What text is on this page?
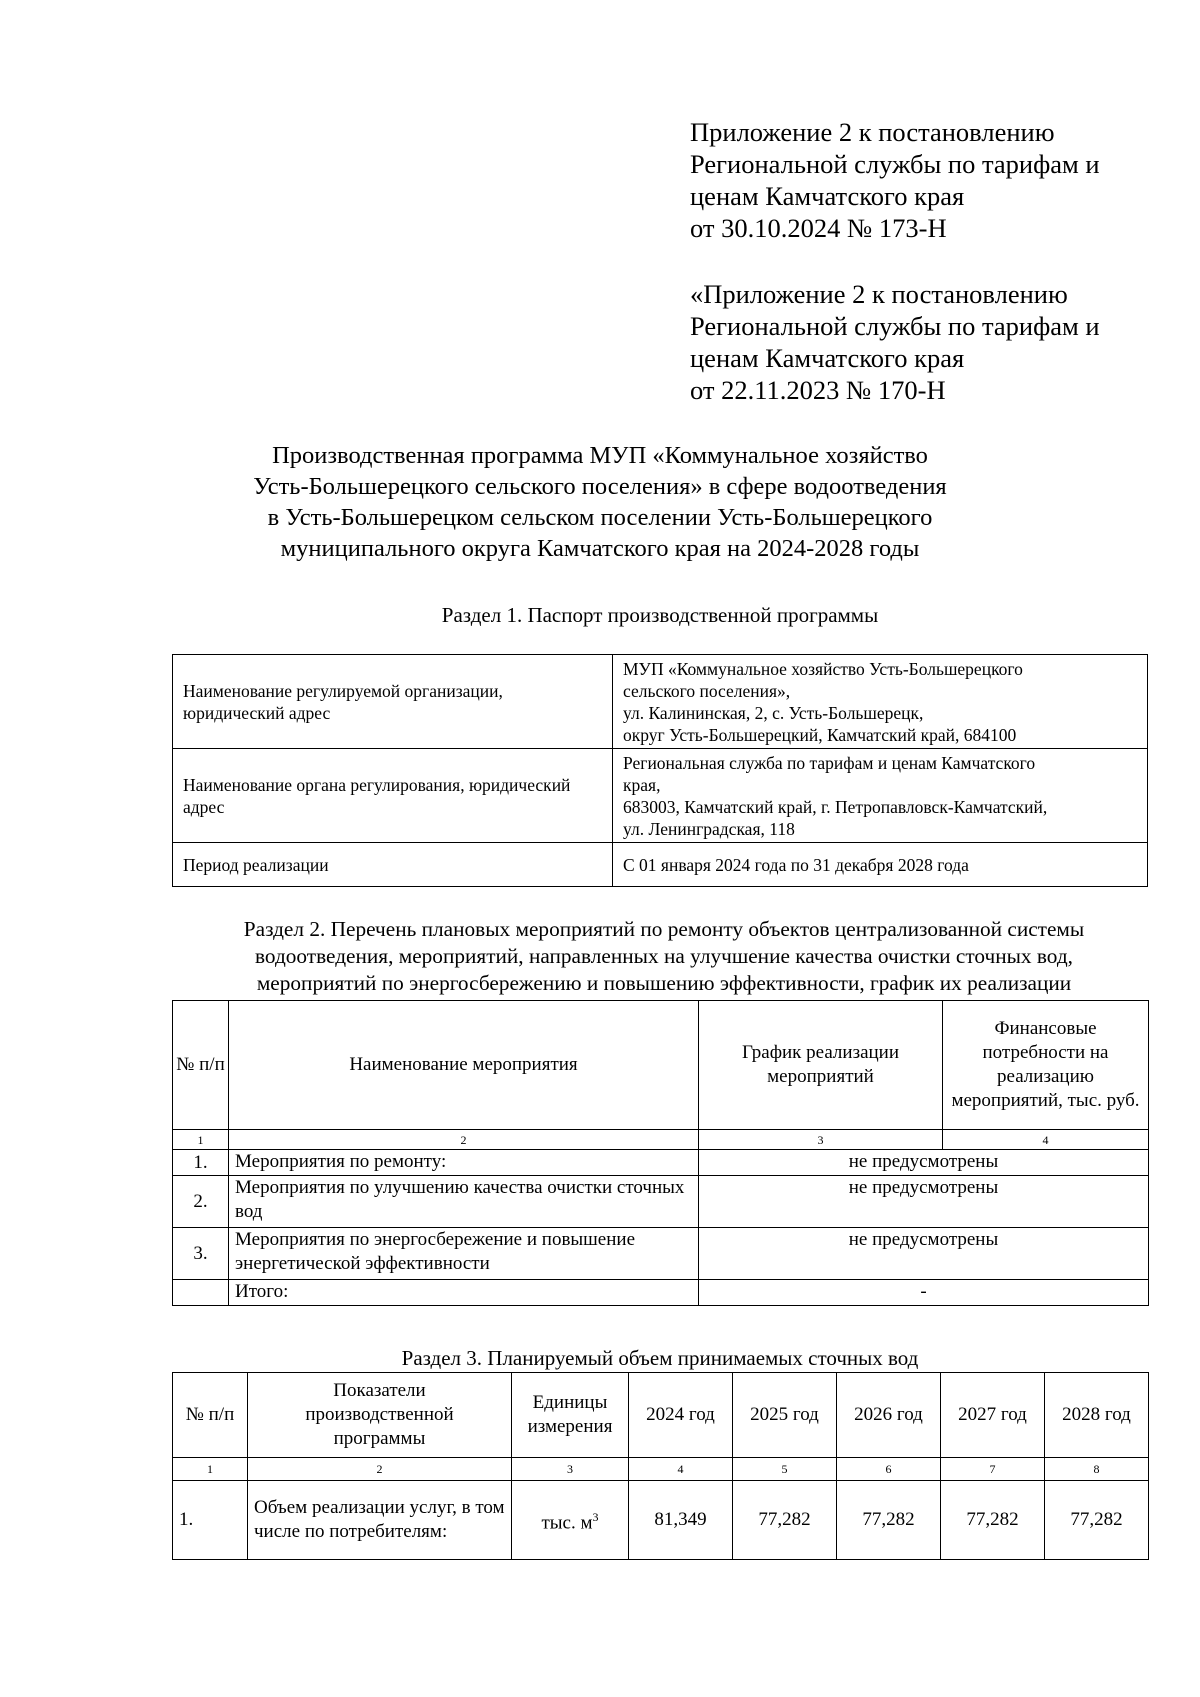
Приложение 2 к постановлению
Региональной службы по тарифам и
ценам Камчатского края
от 30.10.2024 № 173-Н
«Приложение 2 к постановлению
Региональной службы по тарифам и
ценам Камчатского края
от 22.11.2023 № 170-Н
Производственная программа МУП «Коммунальное хозяйство
Усть-Большерецкого сельского поселения» в сфере водоотведения
в Усть-Большерецком сельском поселении Усть-Большерецкого
муниципального округа Камчатского края на 2024-2028 годы
Раздел 1. Паспорт производственной программы
Наименование регулируемой организации, юридический адрес	МУП «Коммунальное хозяйство Усть-Большерецкого
сельского поселения»,
ул. Калининская, 2, с. Усть-Большерецк,
округ Усть-Большерецкий, Камчатский край, 684100

Наименование органа регулирования, юридический адрес	Региональная служба по тарифам и ценам Камчатского
края,
683003, Камчатский край, г. Петропавловск-Камчатский,
ул. Ленинградская, 118

Период реализации	С 01 января 2024 года по 31 декабря 2028 года
Раздел 2. Перечень плановых мероприятий по ремонту объектов централизованной системы
водоотведения, мероприятий, направленных на улучшение качества очистки сточных вод,
мероприятий по энергосбережению и повышению эффективности, график их реализации
№ п/п	Наименование мероприятия	График реализации мероприятий	Финансовые потребности на реализацию мероприятий, тыс. руб.
1	2	3	4
1.	Мероприятия по ремонту:	не предусмотрены	
2.	Мероприятия по улучшению качества очистки сточных вод	не предусмотрены	
3.	Мероприятия по энергосбережение и повышение энергетической эффективности	не предусмотрены	
	Итого:	-	
Раздел 3. Планируемый объем принимаемых сточных вод
№ п/п	Показатели производственной программы	Единицы измерения	2024 год	2025 год	2026 год	2027 год	2028 год
1	2	3	4	5	6	7	8
1.	Объем реализации услуг, в том числе по потребителям:	тыс. $м^3$	81,349	77,282	77,282	77,282	77,282
